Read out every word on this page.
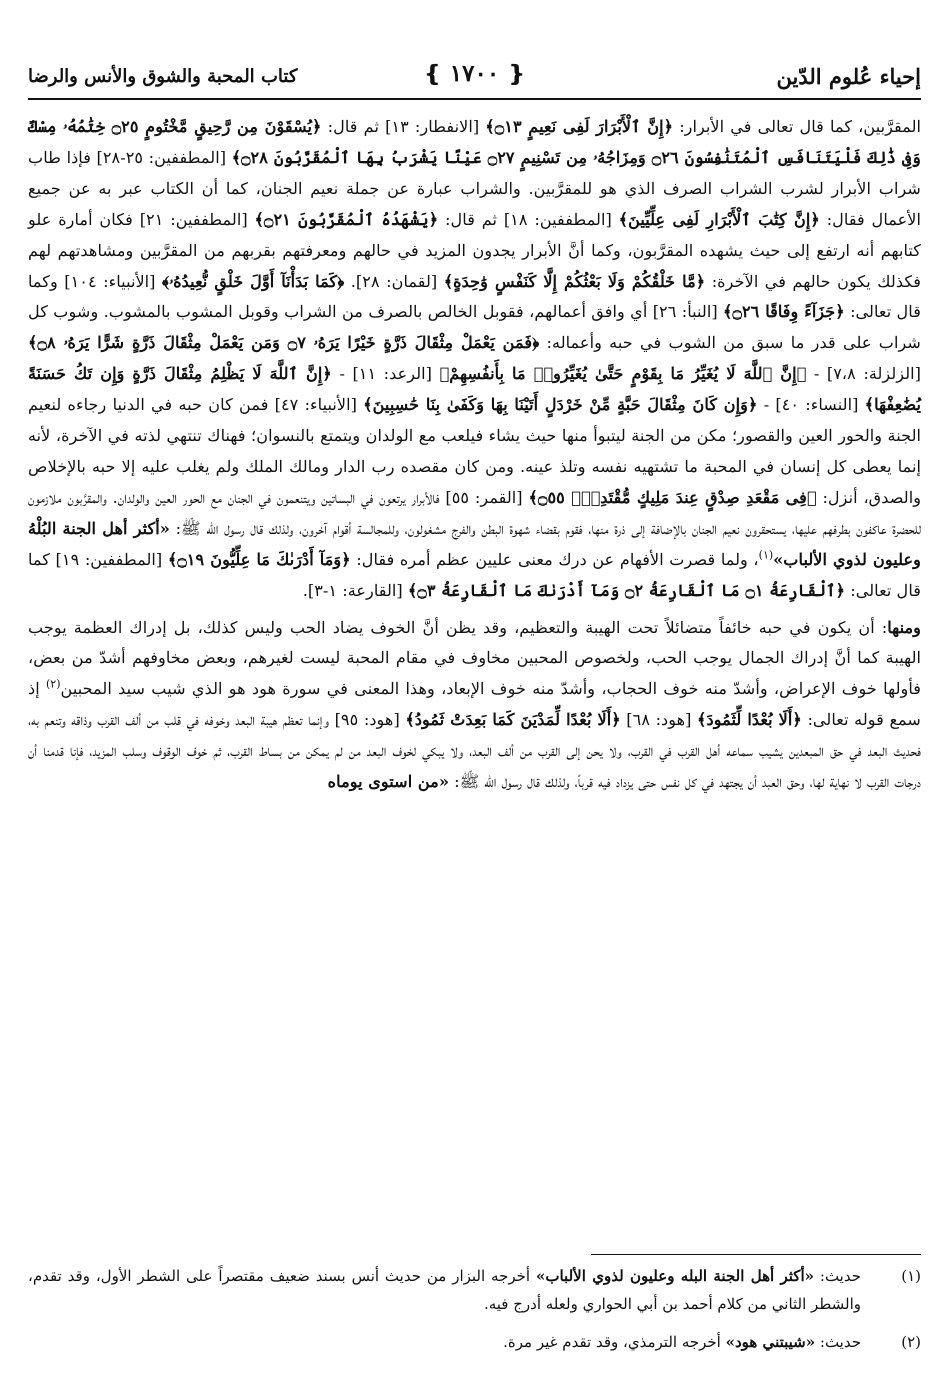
إحياء عُلوم الدّين
❴ ١٧٠٠ ❵
كتاب المحبة والشوق والأنس والرضا

المقرَّبين، كما قال تعالى في الأبرار: ﴿إِنَّ ٱلْأَبْرَارَ لَفِى نَعِيمٍ ۝١٣﴾ [الانفطار: ١٣] ثم قال: ﴿يُسْقَوْنَ مِن رَّحِيقٍ مَّخْتُومٍ ۝٢٥ خِتَٰمُهُۥ مِسْكٌ وَفِى ذَٰلِكَ فَلْيَتَنَافَسِ ٱلْمُتَنَٰفِسُونَ ۝٢٦ وَمِزَاجُهُۥ مِن تَسْنِيمٍ ۝٢٧ عَيْنًا يَشْرَبُ بِهَا ٱلْمُقَرَّبُونَ ۝٢٨﴾ [المطففين: ٢٥-٢٨] فإذا طاب شراب الأبرار لشرب الشراب الصرف الذي هو للمقرَّبين. والشراب عبارة عن جملة نعيم الجنان، كما أن الكتاب عبر به عن جميع الأعمال فقال: ﴿إِنَّ كِتَٰبَ ٱلْأَبْرَارِ لَفِى عِلِّيِّينَ﴾ [المطففين: ١٨] ثم قال: ﴿يَشْهَدُهُ ٱلْمُقَرَّبُونَ ۝٢١﴾ [المطففين: ٢١] فكان أمارة علو كتابهم أنه ارتفع إلى حيث يشهده المقرَّبون، وكما أنَّ الأبرار يجدون المزيد في حالهم ومعرفتهم بقربهم من المقرَّبين ومشاهدتهم لهم فكذلك يكون حالهم في الآخرة: ﴿مَّا خَلْقُكُمْ وَلَا بَعْثُكُمْ إِلَّا كَنَفْسٍ وَٰحِدَةٍ﴾ [لقمان: ٢٨]. ﴿كَمَا بَدَأْنَآ أَوَّلَ خَلْقٍ نُّعِيدُهُۥ﴾ [الأنبياء: ١٠٤] وكما قال تعالى: ﴿جَزَآءً وِفَاقًا ۝٢٦﴾ [النبأ: ٢٦] أي وافق أعمالهم، فقوبل الخالص بالصرف من الشراب وقوبل المشوب بالمشوب. وشوب كل شراب على قدر ما سبق من الشوب في حبه وأعماله: ﴿فَمَن يَعْمَلْ مِثْقَالَ ذَرَّةٍ خَيْرًا يَرَهُۥ ۝٧ وَمَن يَعْمَلْ مِثْقَالَ ذَرَّةٍ شَرًّا يَرَهُۥ ۝٨﴾ [الزلزلة: ٧،٨] - ﴿إِنَّ ٱللَّهَ لَا يُغَيِّرُ مَا بِقَوْمٍ حَتَّىٰ يُغَيِّرُوا۟ مَا بِأَنفُسِهِمْ﴾ [الرعد: ١١] - ﴿إِنَّ ٱللَّهَ لَا يَظْلِمُ مِثْقَالَ ذَرَّةٍ وَإِن تَكُ حَسَنَةً يُضَٰعِفْهَا﴾ [النساء: ٤٠] - ﴿وَإِن كَانَ مِثْقَالَ حَبَّةٍ مِّنْ خَرْدَلٍ أَتَيْنَا بِهَا وَكَفَىٰ بِنَا حَٰسِبِينَ﴾ [الأنبياء: ٤٧] فمن كان حبه في الدنيا رجاءه لنعيم الجنة والحور العين والقصور؛ مكن من الجنة ليتبوأ منها حيث يشاء فيلعب مع الولدان ويتمتع بالنسوان؛ فهناك تنتهي لذته في الآخرة، لأنه إنما يعطى كل إنسان في المحبة ما تشتهيه نفسه وتلذ عينه. ومن كان مقصده رب الدار ومالك الملك ولم يغلب عليه إلا حبه بالإخلاص والصدق، أنزل: ﴿فِى مَقْعَدِ صِدْقٍ عِندَ مَلِيكٍ مُّقْتَدِرٍۭ ۝٥٥﴾ [القمر: ٥٥] فالأبرار يرتعون في البساتين ويتنعمون في الجنان مع الحور العين والولدان. والمقرَّبون ملازمون للحضرة عاكفون بطرفهم عليها، يستحقرون نعيم الجنان بالإضافة إلى ذرة منها، فقوم بقضاء شهوة البطن والفرج مشغولون، وللمجالسة أقوام آخرون، ولذلك قال رسول الله ﷺ: «أكثر أهل الجنة البُلْهُ وعليون لذوي الألباب»$^{(١)}$، ولما قصرت الأفهام عن درك معنى عليين عظم أمره فقال: ﴿وَمَآ أَدْرَىٰكَ مَا عِلِّيُّونَ ۝١٩﴾ [المطففين: ١٩] كما قال تعالى: ﴿ٱلْقَارِعَةُ ۝١ مَا ٱلْقَارِعَةُ ۝٢ وَمَآ أَدْرَىٰكَ مَا ٱلْقَارِعَةُ ۝٣﴾ [القارعة: ١-٣].

ومنها: أن يكون في حبه خائفاً متضائلاً تحت الهيبة والتعظيم، وقد يظن أنَّ الخوف يضاد الحب وليس كذلك، بل إدراك العظمة يوجب الهيبة كما أنَّ إدراك الجمال يوجب الحب، ولخصوص المحبين مخاوف في مقام المحبة ليست لغيرهم، وبعض مخاوفهم أشدّ من بعض، فأولها خوف الإعراض، وأشدّ منه خوف الحجاب، وأشدّ منه خوف الإبعاد، وهذا المعنى في سورة هود هو الذي شيب سيد المحبين$^{(٢)}$ إذ سمع قوله تعالى: ﴿أَلَا بُعْدًا لِّثَمُودَ﴾ [هود: ٦٨] ﴿أَلَا بُعْدًا لِّمَدْيَنَ كَمَا بَعِدَتْ ثَمُودُ﴾ [هود: ٩٥] وإنما تعظم هيبة البعد وخوفه في قلب من ألف القرب وذاقه وتنعم به، فحديث البعد في حق المبعدين يشيب سماعه أهل القرب في القرب، ولا يحن إلى القرب من ألف البعد، ولا يبكي لخوف البعد من لم يمكن من بساط القرب، ثم خوف الوقوف وسلب المزيد، فإنا قدمنا أن درجات القرب لا نهاية لها، وحق العبد أن يجتهد في كل نفس حتى يزداد فيه قرباً، ولذلك قال رسول الله ﷺ: «من استوى يوماه

(١)
حديث: «أكثر أهل الجنة البله وعليون لذوي الألباب» أخرجه البزار من حديث أنس بسند ضعيف مقتصراً على الشطر الأول، وقد تقدم، والشطر الثاني من كلام أحمد بن أبي الحواري ولعله أدرج فيه.
(٢)
حديث: «شيبتني هود» أخرجه الترمذي، وقد تقدم غير مرة.
